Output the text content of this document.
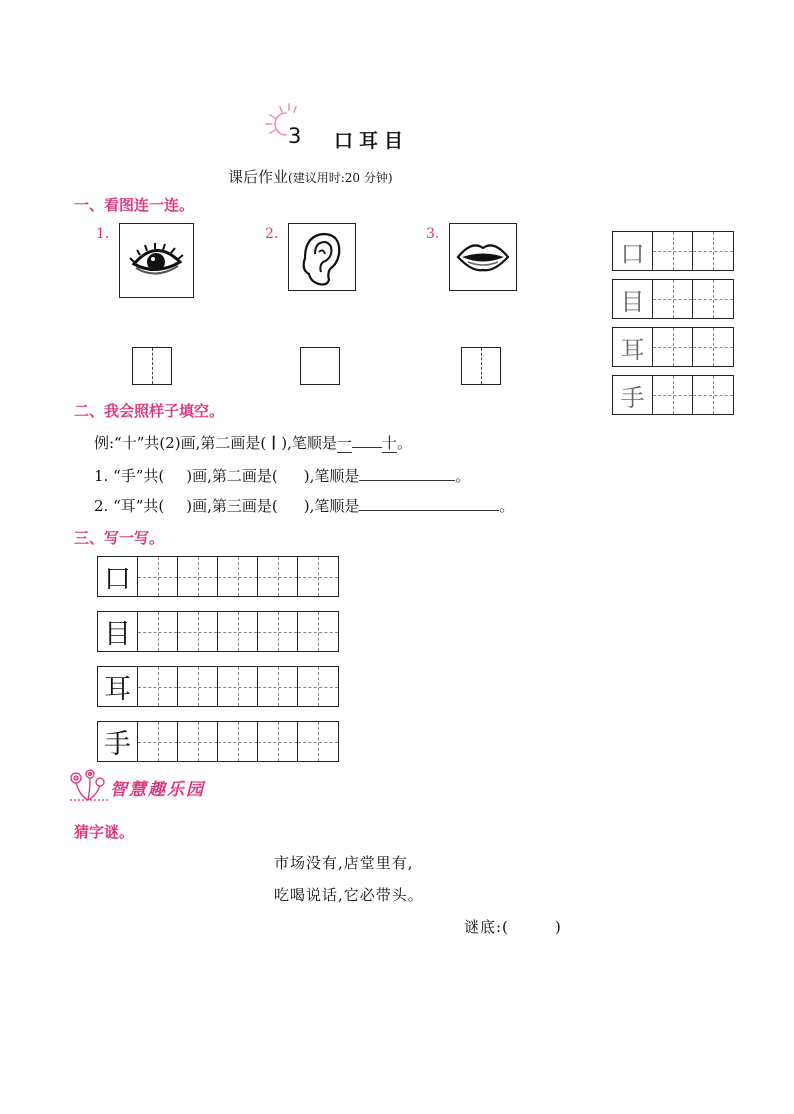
3 口耳目
课后作业(建议用时:20 分钟)
一、看图连一连。
1.	2.	3.
口
目
耳
手
二、我会照样子填空。
例:“十”共(2)画,第二画是(丨),笔顺是一 十。
1. “手”共( )画,第二画是( ),笔顺是	。
2. “耳”共( )画,第三画是( ),笔顺是	。
三、写一写。
口
目
耳
手
智慧趣乐园
猜字谜。
市场没有,店堂里有,
吃喝说话,它必带头。
谜底:(        )
